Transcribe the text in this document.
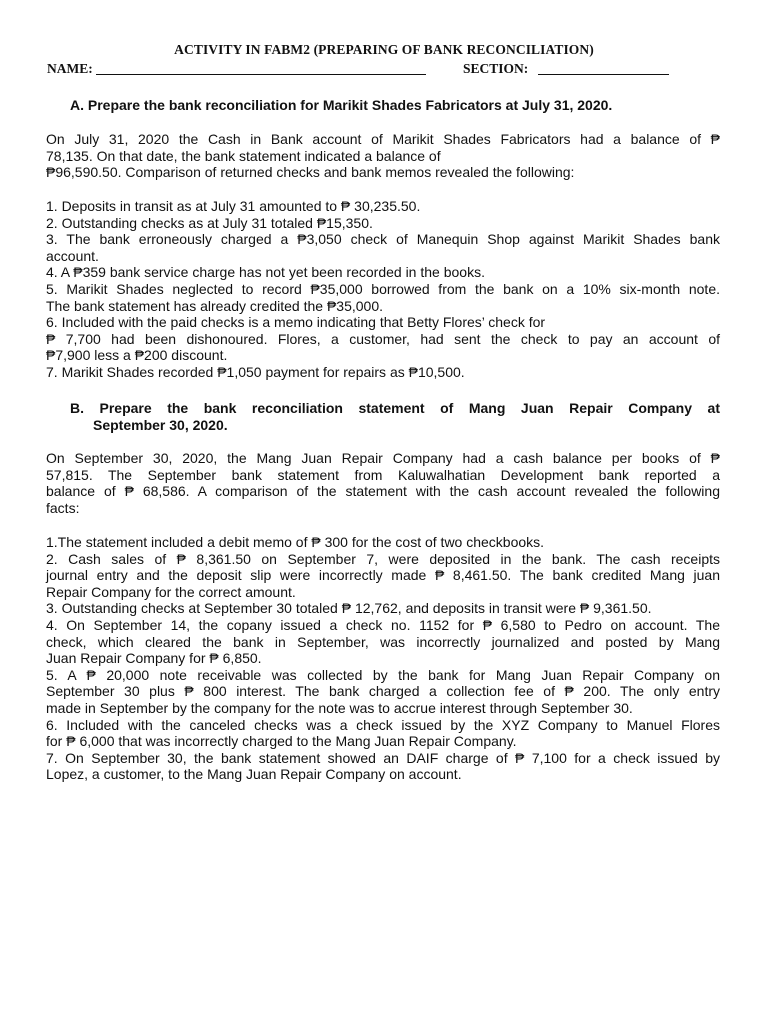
ACTIVITY IN FABM2 (PREPARING OF BANK RECONCILIATION)
NAME:	SECTION:
A. Prepare the bank reconciliation for Marikit Shades Fabricators at July 31, 2020.
On July 31, 2020 the Cash in Bank account of Marikit Shades Fabricators had a balance of ₱
78,135. On that date, the bank statement indicated a balance of
₱96,590.50. Comparison of returned checks and bank memos revealed the following:
1. Deposits in transit as at July 31 amounted to ₱ 30,235.50.
2. Outstanding checks as at July 31 totaled ₱15,350.
3. The bank erroneously charged a ₱3,050 check of Manequin Shop against Marikit Shades bank
account.
4. A ₱359 bank service charge has not yet been recorded in the books.
5. Marikit Shades neglected to record ₱35,000 borrowed from the bank on a 10% six-month note.
The bank statement has already credited the ₱35,000.
6. Included with the paid checks is a memo indicating that Betty Flores’ check for
₱ 7,700 had been dishonoured. Flores, a customer, had sent the check to pay an account of
₱7,900 less a ₱200 discount.
7. Marikit Shades recorded ₱1,050 payment for repairs as ₱10,500.
B. Prepare the bank reconciliation statement of Mang Juan Repair Company at
September 30, 2020.
On September 30, 2020, the Mang Juan Repair Company had a cash balance per books of ₱
57,815. The September bank statement from Kaluwalhatian Development bank reported a
balance of ₱ 68,586. A comparison of the statement with the cash account revealed the following
facts:
1.The statement included a debit memo of ₱ 300 for the cost of two checkbooks.
2. Cash sales of ₱ 8,361.50 on September 7, were deposited in the bank. The cash receipts
journal entry and the deposit slip were incorrectly made ₱ 8,461.50. The bank credited Mang juan
Repair Company for the correct amount.
3. Outstanding checks at September 30 totaled ₱ 12,762, and deposits in transit were ₱ 9,361.50.
4. On September 14, the copany issued a check no. 1152 for ₱ 6,580 to Pedro on account. The
check, which cleared the bank in September, was incorrectly journalized and posted by Mang
Juan Repair Company for ₱ 6,850.
5. A ₱ 20,000 note receivable was collected by the bank for Mang Juan Repair Company on
September 30 plus ₱ 800 interest. The bank charged a collection fee of ₱ 200. The only entry
made in September by the company for the note was to accrue interest through September 30.
6. Included with the canceled checks was a check issued by the XYZ Company to Manuel Flores
for ₱ 6,000 that was incorrectly charged to the Mang Juan Repair Company.
7. On September 30, the bank statement showed an DAIF charge of ₱ 7,100 for a check issued by
Lopez, a customer, to the Mang Juan Repair Company on account.
